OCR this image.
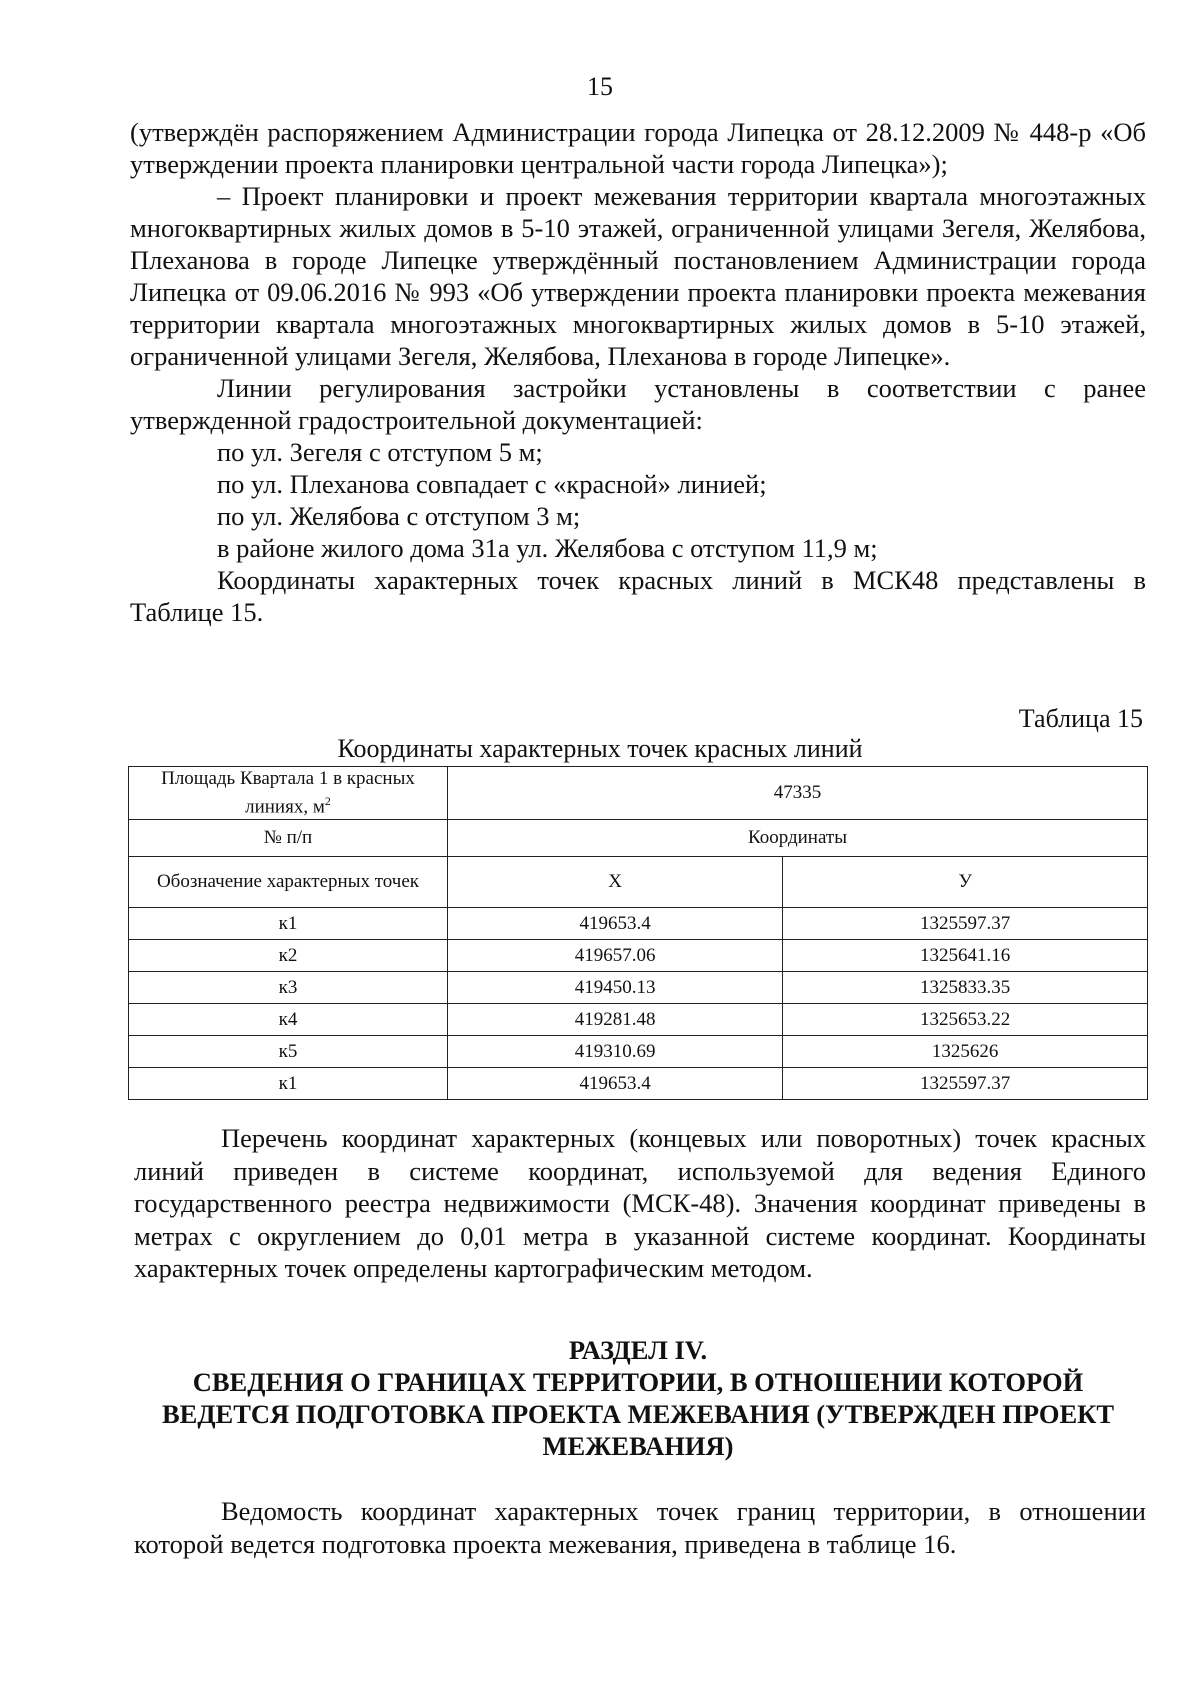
15

(утверждён распоряжением Администрации города Липецка от 28.12.2009 № 448-р «Об утверждении проекта планировки центральной части города Липецка»);

– Проект планировки и проект межевания территории квартала многоэтажных многоквартирных жилых домов в 5-10 этажей, ограниченной улицами Зегеля, Желябова, Плеханова в городе Липецке утверждённый постановлением Администрации города Липецка от 09.06.2016 № 993 «Об утверждении проекта планировки проекта межевания территории квартала многоэтажных многоквартирных жилых домов в 5-10 этажей, ограниченной улицами Зегеля, Желябова, Плеханова в городе Липецке».

Линии регулирования застройки установлены в соответствии с ранее утвержденной градостроительной документацией:

по ул. Зегеля с отступом 5 м;

по ул. Плеханова совпадает с «красной» линией;

по ул. Желябова с отступом 3 м;

в районе жилого дома 31а ул. Желябова с отступом 11,9 м;

Координаты характерных точек красных линий в МСК48 представлены в Таблице 15.

Таблица 15
Координаты характерных точек красных линий
Площадь Квартала 1 в красных линиях, $м^2$	47335	
№ п/п	Координаты	
Обозначение характерных точек	Х	У
к1	419653.4	1325597.37
к2	419657.06	1325641.16
к3	419450.13	1325833.35
к4	419281.48	1325653.22
к5	419310.69	1325626
к1	419653.4	1325597.37

Перечень координат характерных (концевых или поворотных) точек красных линий приведен в системе координат, используемой для ведения Единого государственного реестра недвижимости (МСК-48). Значения координат приведены в метрах с округлением до 0,01 метра в указанной системе координат. Координаты характерных точек определены картографическим методом.

РАЗДЕЛ IV.
СВЕДЕНИЯ О ГРАНИЦАХ ТЕРРИТОРИИ, В ОТНОШЕНИИ КОТОРОЙ ВЕДЕТСЯ ПОДГОТОВКА ПРОЕКТА МЕЖЕВАНИЯ (УТВЕРЖДЕН ПРОЕКТ МЕЖЕВАНИЯ)

Ведомость координат характерных точек границ территории, в отношении которой ведется подготовка проекта межевания, приведена в таблице 16.
